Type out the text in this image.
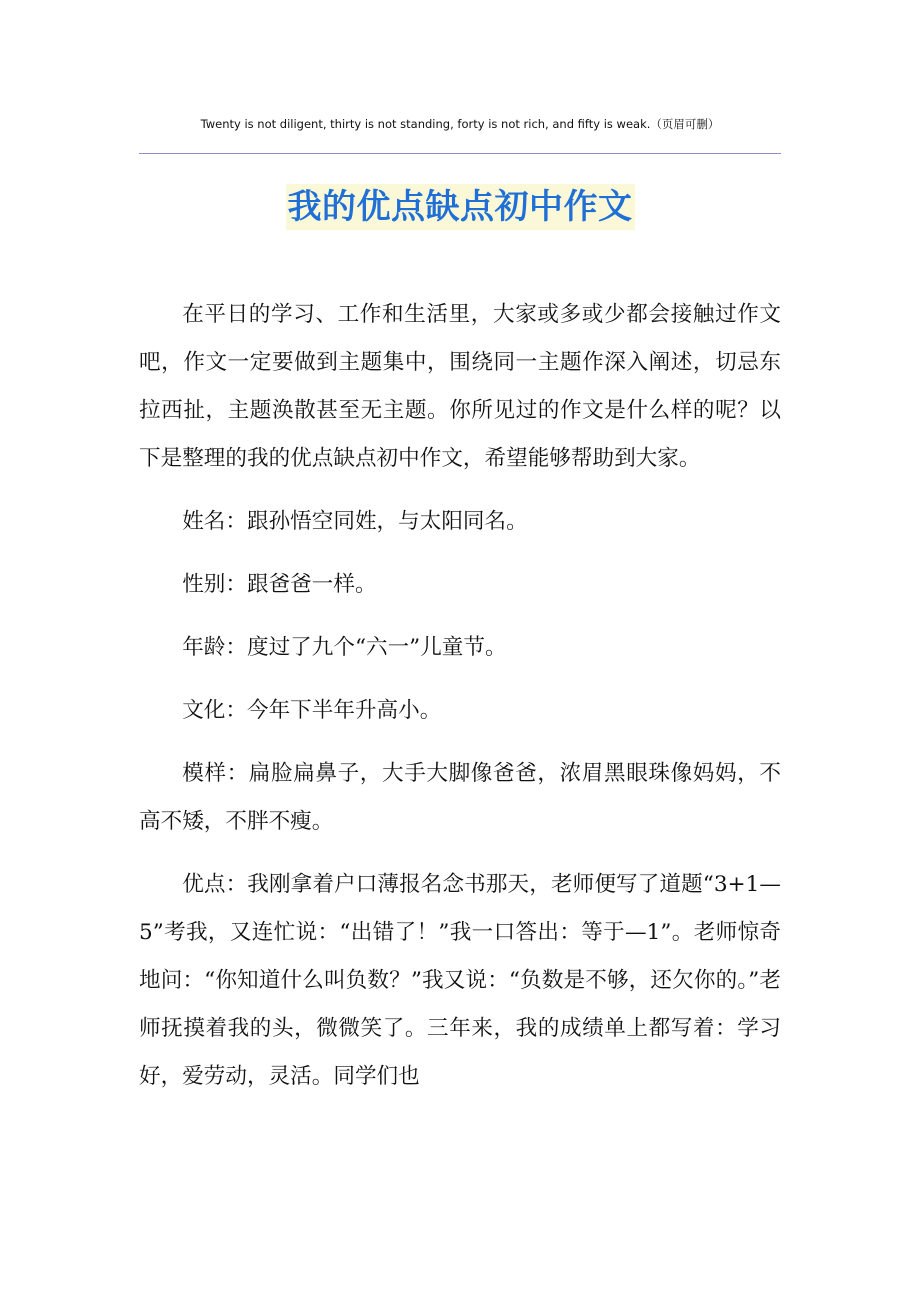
Twenty is not diligent, thirty is not standing, forty is not rich, and fifty is weak.（页眉可删）
我的优点缺点初中作文

在平日的学习、工作和生活里，大家或多或少都会接触过作文吧，作文一定要做到主题集中，围绕同一主题作深入阐述，切忌东拉西扯，主题涣散甚至无主题。你所见过的作文是什么样的呢？以下是整理的我的优点缺点初中作文，希望能够帮助到大家。

姓名：跟孙悟空同姓，与太阳同名。

性别：跟爸爸一样。

年龄：度过了九个“六一”儿童节。

文化：今年下半年升高小。

模样：扁脸扁鼻子，大手大脚像爸爸，浓眉黑眼珠像妈妈，不高不矮，不胖不瘦。

优点：我刚拿着户口薄报名念书那天，老师便写了道题“3+1—5”考我，又连忙说：“出错了！”我一口答出：等于—1”。老师惊奇地问：“你知道什么叫负数？”我又说：“负数是不够，还欠你的。”老师抚摸着我的头，微微笑了。三年来，我的成绩单上都写着：学习好，爱劳动，灵活。同学们也
